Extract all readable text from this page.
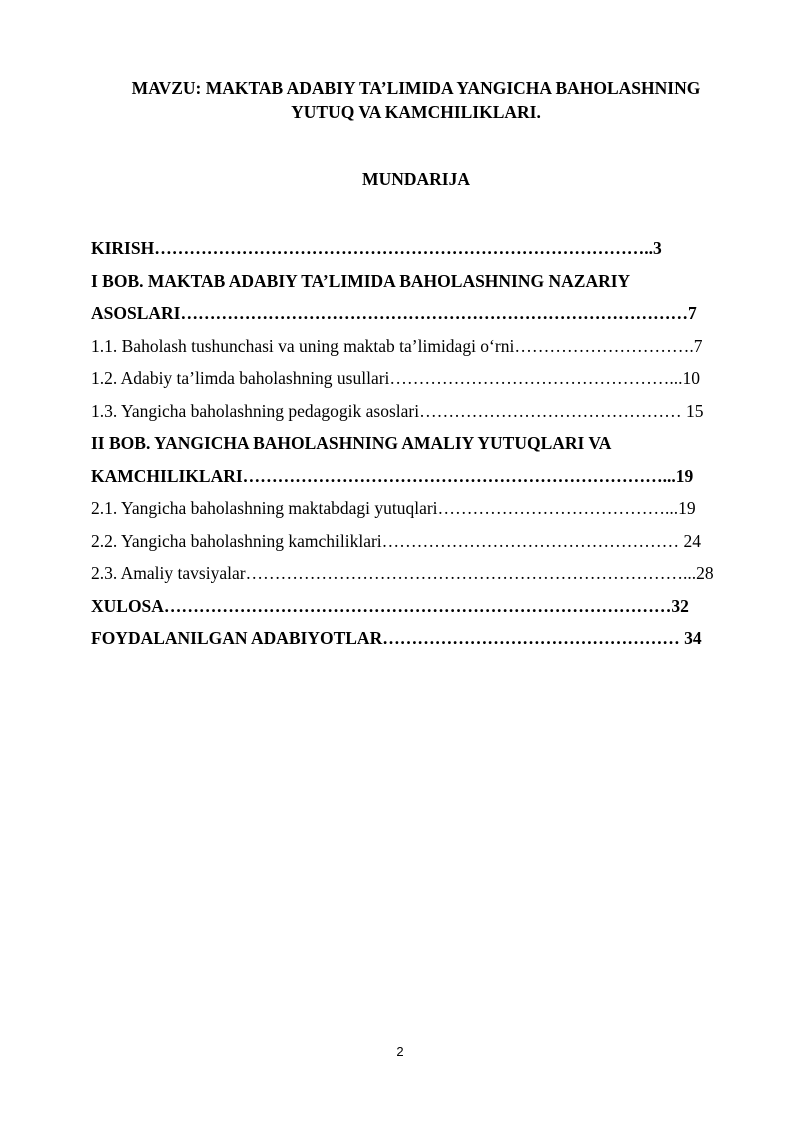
MAVZU: MAKTAB ADABIY TA’LIMIDA YANGICHA BAHOLASHNING
YUTUQ VA KAMCHILIKLARI.
MUNDARIJA
KIRISH…………………………………………………………………………..3
I BOB. MAKTAB ADABIY TA’LIMIDA BAHOLASHNING NAZARIY
ASOSLARI……………………………………………………………………………7
1.1. Baholash tushunchasi va uning maktab ta’limidagi o‘rni………………………….7
1.2. Adabiy ta’limda baholashning usullari…………………………………………...10
1.3. Yangicha baholashning pedagogik asoslari……………………………………… 15
II BOB. YANGICHA BAHOLASHNING AMALIY YUTUQLARI VA
KAMCHILIKLARI………………………………………………………………...19
2.1. Yangicha baholashning maktabdagi yutuqlari…………………………………...19
2.2. Yangicha baholashning kamchiliklari…………………………………………… 24
2.3. Amaliy tavsiyalar…………………………………………………………………...28
XULOSA……………………………………………………………………………32
FOYDALANILGAN ADABIYOTLAR…………………………………………… 34
2
